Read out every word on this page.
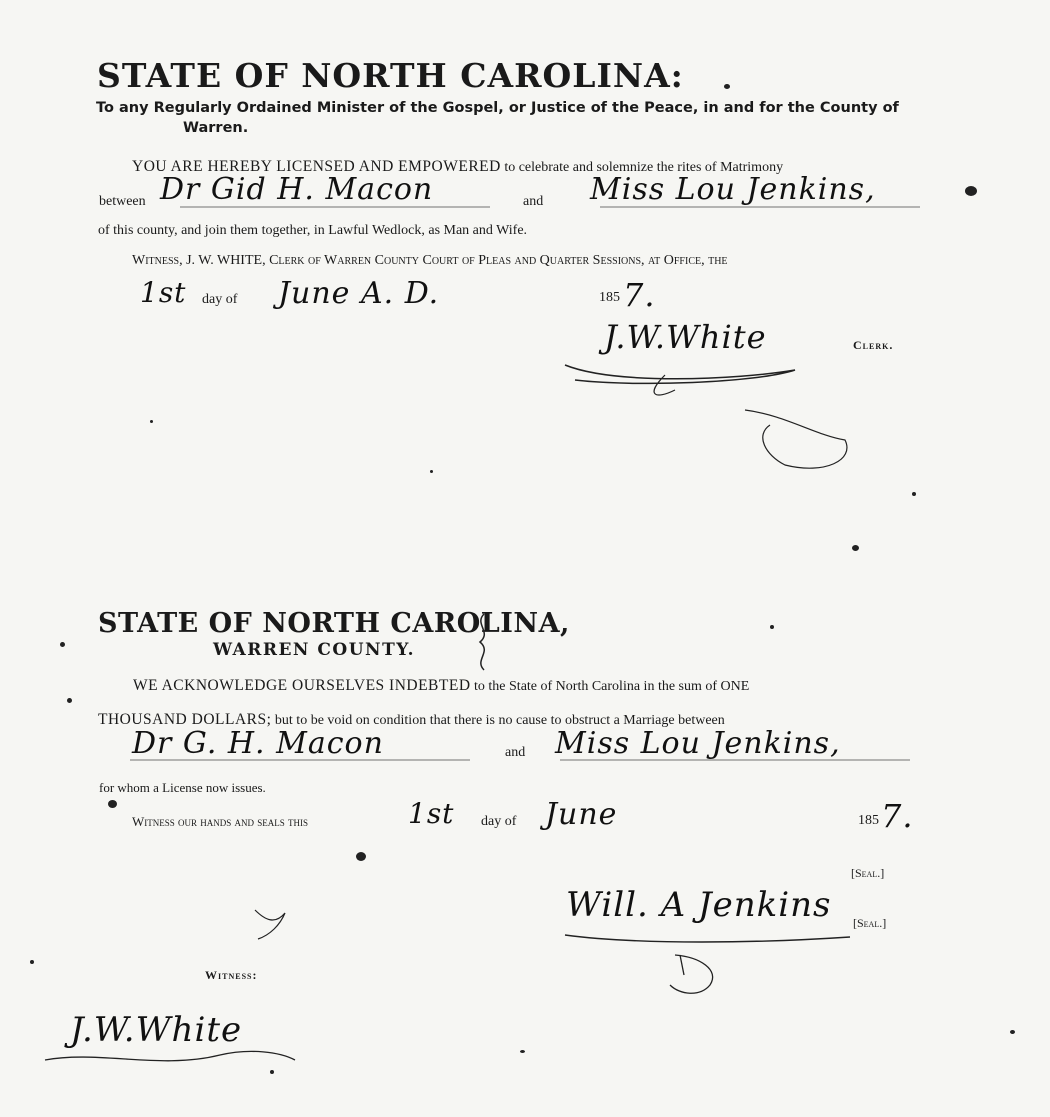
STATE OF NORTH CAROLINA:
To any Regularly Ordained Minister of the Gospel, or Justice of the Peace, in and for the County of
Warren.
YOU ARE HEREBY LICENSED AND EMPOWERED to celebrate and solemnize the rites of Matrimony
between Dr Gid H. Macon	and Miss Lou Jenkins,
of this county, and join them together, in Lawful Wedlock, as Man and Wife.
Witness, J. W. WHITE, Clerk of Warren County Court of Pleas and Quarter Sessions, at Office, the
1st day of June A. D.	185 7.
J.W.White	Clerk.
STATE OF NORTH CAROLINA,
WARREN COUNTY.
WE ACKNOWLEDGE OURSELVES INDEBTED to the State of North Carolina in the sum of ONE
THOUSAND DOLLARS; but to be void on condition that there is no cause to obstruct a Marriage between
Dr G. H. Macon	and Miss Lou Jenkins,
for whom a License now issues.
Witness our hands and seals this	1st day of June	185 7.
[Seal.]
Will. A Jenkins [Seal.]
Witness:
J.W.White
